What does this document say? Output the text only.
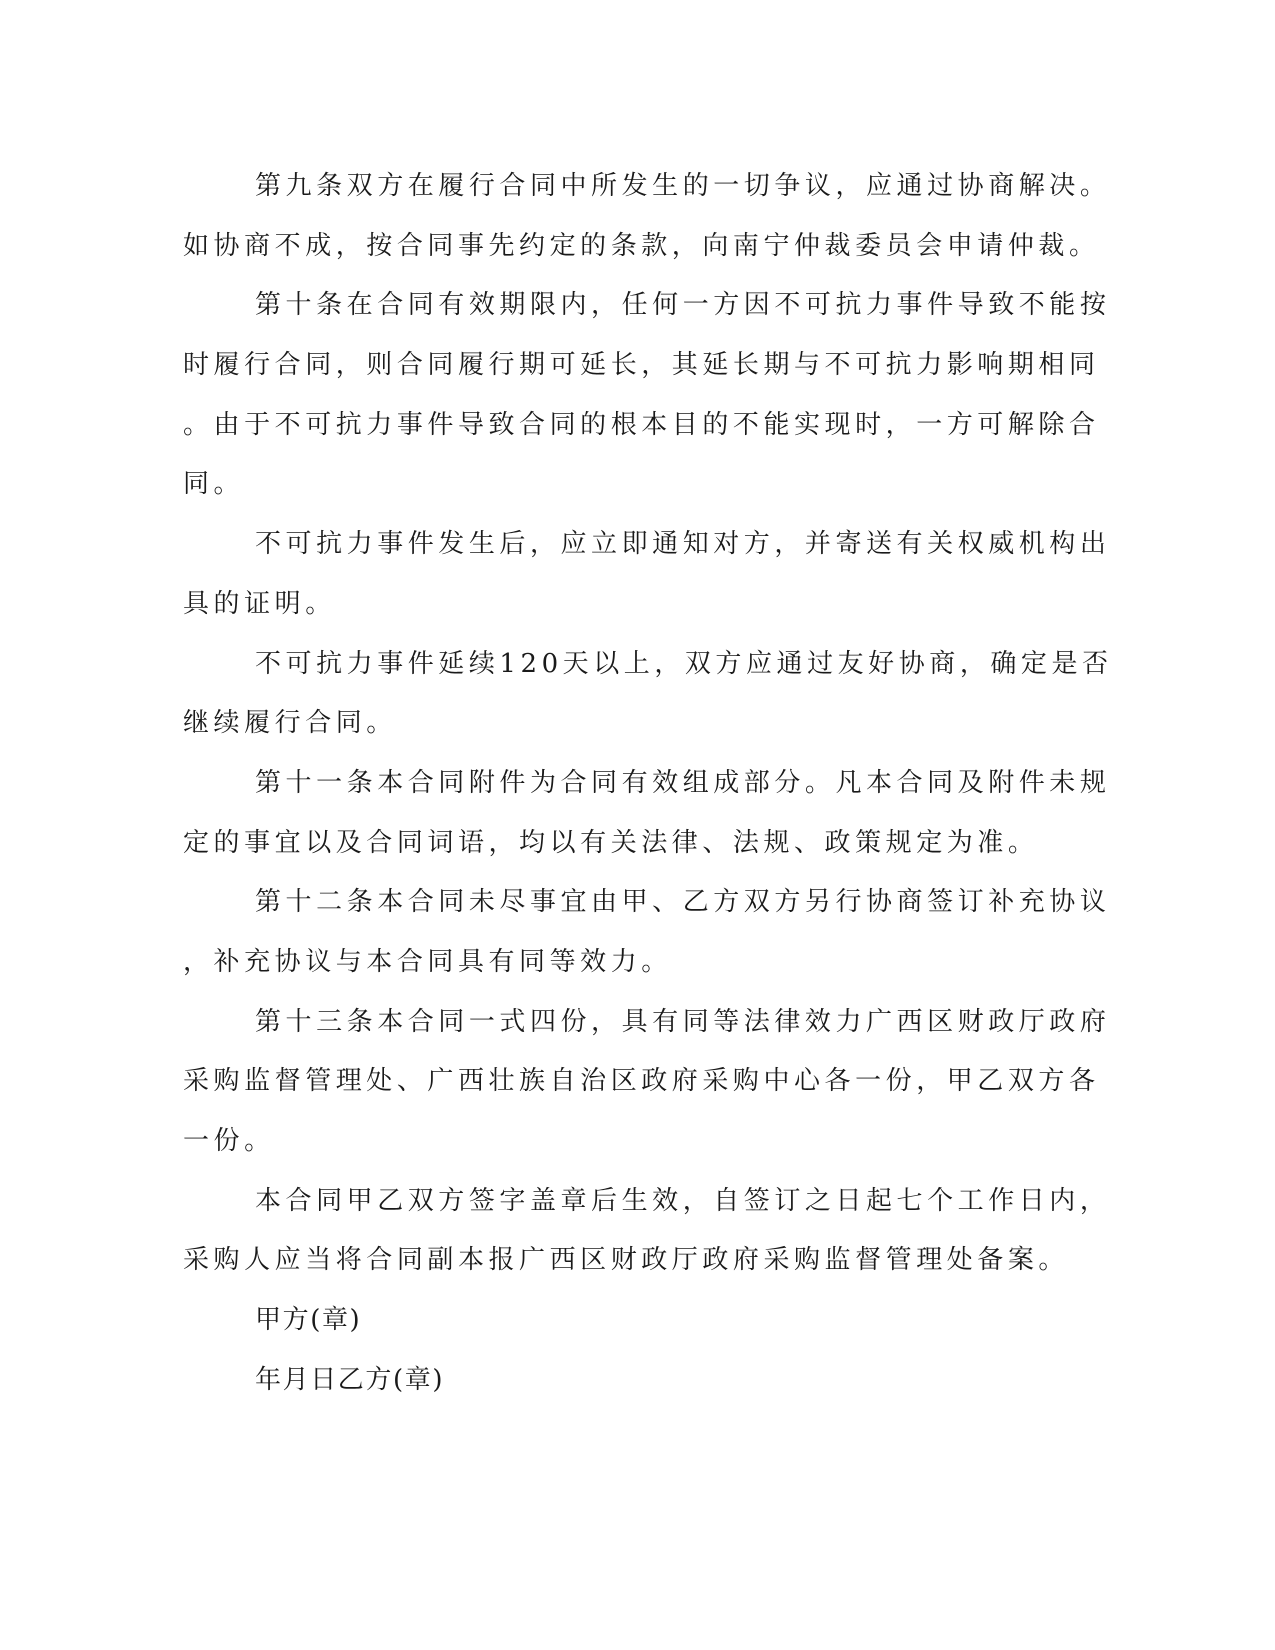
第九条双方在履行合同中所发生的一切争议，应通过协商解决。
如协商不成，按合同事先约定的条款，向南宁仲裁委员会申请仲裁。
第十条在合同有效期限内，任何一方因不可抗力事件导致不能按
时履行合同，则合同履行期可延长，其延长期与不可抗力影响期相同
。由于不可抗力事件导致合同的根本目的不能实现时，一方可解除合
同。
不可抗力事件发生后，应立即通知对方，并寄送有关权威机构出
具的证明。
不可抗力事件延续120天以上，双方应通过友好协商，确定是否
继续履行合同。
第十一条本合同附件为合同有效组成部分。凡本合同及附件未规
定的事宜以及合同词语，均以有关法律、法规、政策规定为准。
第十二条本合同未尽事宜由甲、乙方双方另行协商签订补充协议
，补充协议与本合同具有同等效力。
第十三条本合同一式四份，具有同等法律效力广西区财政厅政府
采购监督管理处、广西壮族自治区政府采购中心各一份，甲乙双方各
一份。
本合同甲乙双方签字盖章后生效，自签订之日起七个工作日内，
采购人应当将合同副本报广西区财政厅政府采购监督管理处备案。
甲方(章)
年月日乙方(章)
